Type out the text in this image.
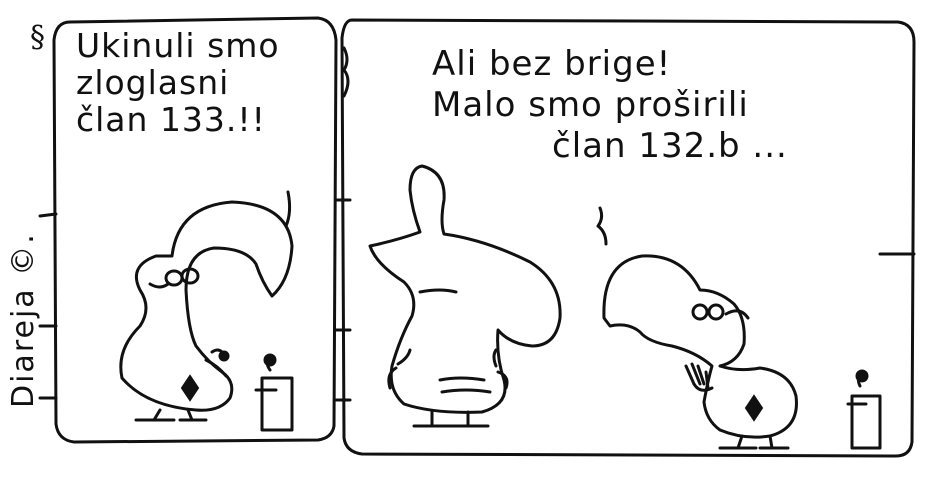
§ Ukinuli smo
zloglasni
član 133.!!
Ali bez brige!
Malo smo proširili
član 132.b ...
Diareja ©.
